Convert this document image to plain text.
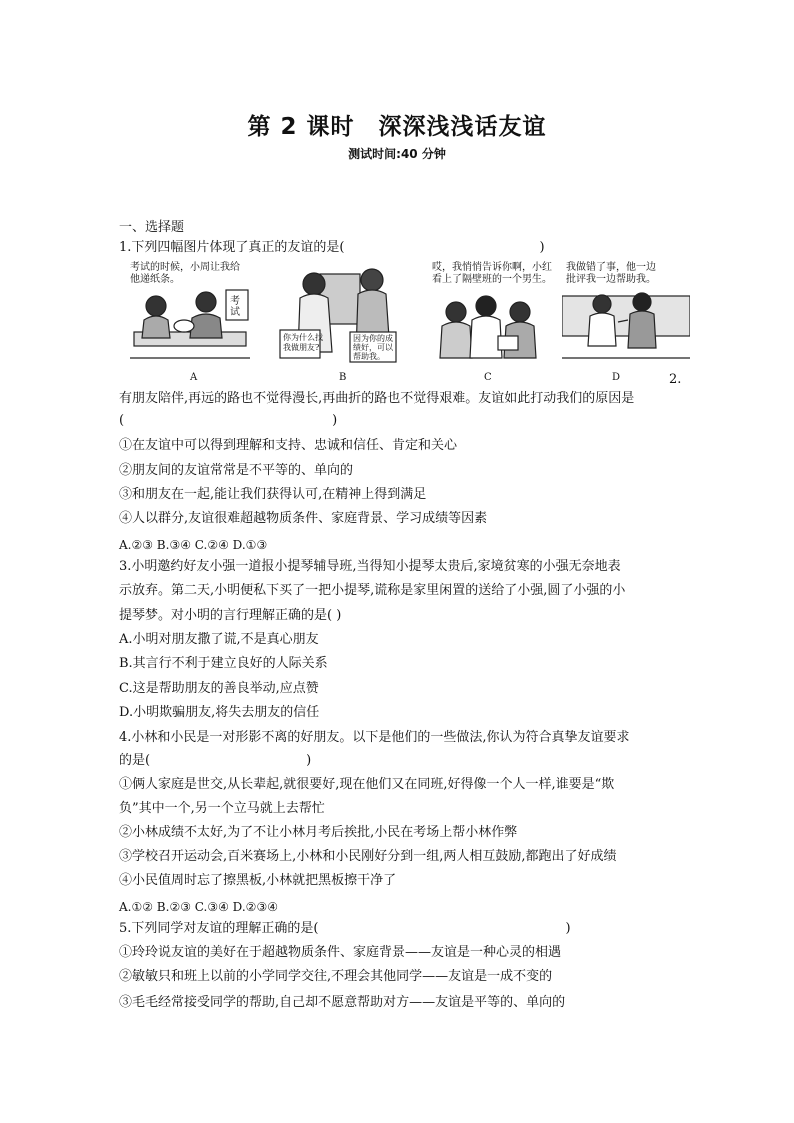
第 2 课时　深深浅浅话友谊
测试时间:40 分钟
一、选择题
1.下列四幅图片体现了真正的友谊的是(　　　　　　　　　　　　　　　)
考试的时候，小周让我给
他递纸条。
考
试
A
你为什么找
我做朋友?
因为你的成
绩好，可以
帮助我。
B
哎，我悄悄告诉你啊，小红
看上了隔壁班的一个男生。
C
我做错了事，他一边
批评我一边帮助我。
D	2.
有朋友陪伴,再远的路也不觉得漫长,再曲折的路也不觉得艰难。友谊如此打动我们的原因是
(　　　　　　　　　　　　　　　　)
①在友谊中可以得到理解和支持、忠诚和信任、肯定和关心
②朋友间的友谊常常是不平等的、单向的
③和朋友在一起,能让我们获得认可,在精神上得到满足
④人以群分,友谊很难超越物质条件、家庭背景、学习成绩等因素
A.②③ B.③④ C.②④ D.①③
3.小明邀约好友小强一道报小提琴辅导班,当得知小提琴太贵后,家境贫寒的小强无奈地表
示放弃。第二天,小明便私下买了一把小提琴,谎称是家里闲置的送给了小强,圆了小强的小
提琴梦。对小明的言行理解正确的是( )
A.小明对朋友撒了谎,不是真心朋友
B.其言行不利于建立良好的人际关系
C.这是帮助朋友的善良举动,应点赞
D.小明欺骗朋友,将失去朋友的信任
4.小林和小民是一对形影不离的好朋友。以下是他们的一些做法,你认为符合真挚友谊要求
的是(　　　　　　　　　　　　)
①俩人家庭是世交,从长辈起,就很要好,现在他们又在同班,好得像一个人一样,谁要是“欺
负”其中一个,另一个立马就上去帮忙
②小林成绩不太好,为了不让小林月考后挨批,小民在考场上帮小林作弊
③学校召开运动会,百米赛场上,小林和小民刚好分到一组,两人相互鼓励,都跑出了好成绩
④小民值周时忘了擦黑板,小林就把黑板擦干净了
A.①② B.②③ C.③④ D.②③④
5.下列同学对友谊的理解正确的是(　　　　　　　　　　　　　　　　　　　)
①玲玲说友谊的美好在于超越物质条件、家庭背景——友谊是一种心灵的相遇
②敏敏只和班上以前的小学同学交往,不理会其他同学——友谊是一成不变的
③毛毛经常接受同学的帮助,自己却不愿意帮助对方——友谊是平等的、单向的
